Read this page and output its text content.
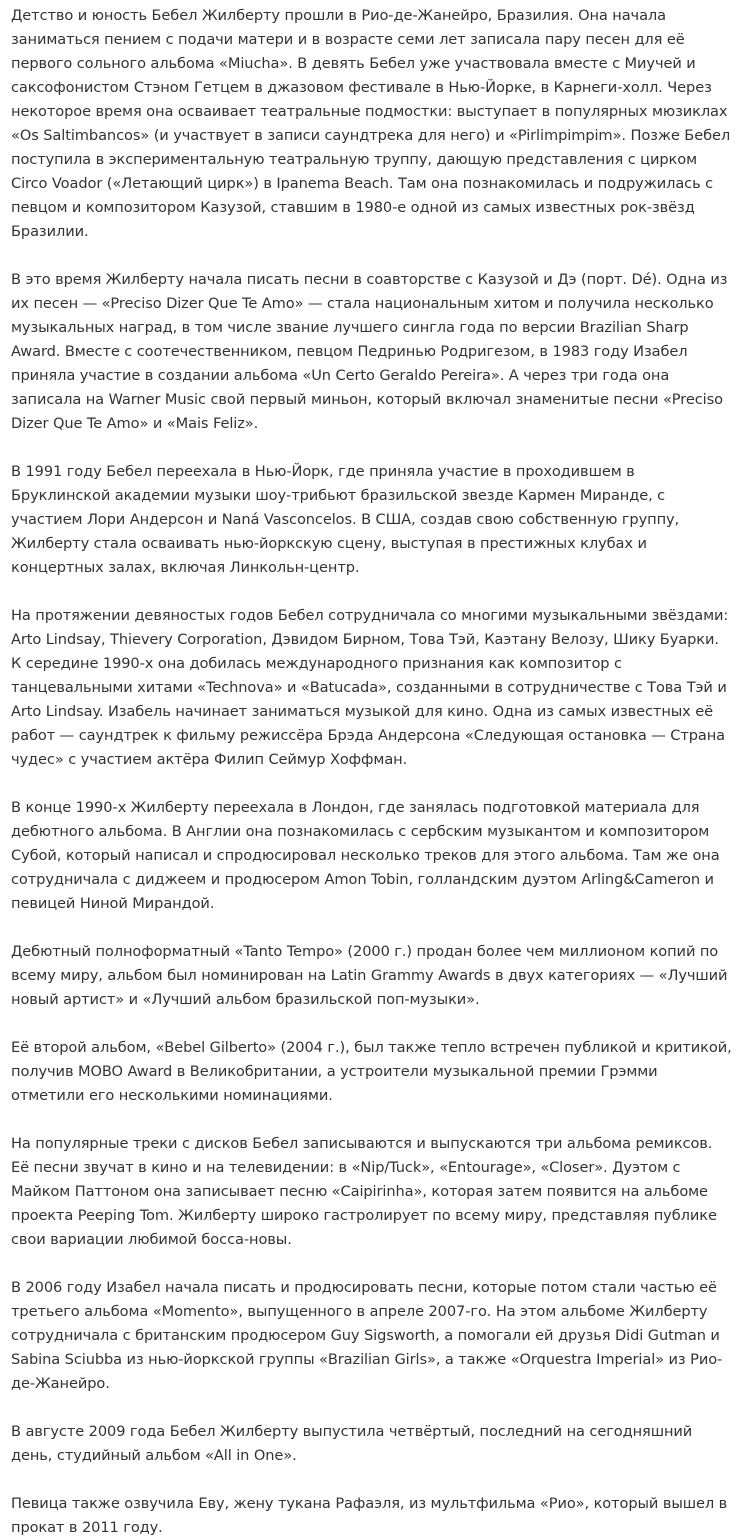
Детство и юность Бебел Жилберту прошли в Рио-де-Жанейро, Бразилия. Она начала заниматься пением с подачи матери и в возрасте семи лет записала пару песен для её первого сольного альбома «Miucha». В девять Бебел уже участвовала вместе с Миучей и саксофонистом Стэном Гетцем в джазовом фестивале в Нью-Йорке, в Карнеги-холл. Через некоторое время она осваивает театральные подмостки: выступает в популярных мюзиклах «Os Saltimbancos» (и участвует в записи саундтрека для него) и «Pirlimpimpim». Позже Бебел поступила в экспериментальную театральную труппу, дающую представления с цирком Circo Voador («Летающий цирк») в Ipanema Beach. Там она познакомилась и подружилась с певцом и композитором Казузой, ставшим в 1980-е одной из самых известных рок-звёзд Бразилии.

В это время Жилберту начала писать песни в соавторстве с Казузой и Дэ (порт. Dé). Одна из их песен — «Preciso Dizer Que Te Amo» — стала национальным хитом и получила несколько музыкальных наград, в том числе звание лучшего сингла года по версии Brazilian Sharp Award. Вместе с соотечественником, певцом Педринью Родригезом, в 1983 году Изабел приняла участие в создании альбома «Un Certo Geraldo Pereira». А через три года она записала на Warner Music свой первый миньон, который включал знаменитые песни «Preciso Dizer Que Te Amo» и «Mais Feliz».

В 1991 году Бебел переехала в Нью-Йорк, где приняла участие в проходившем в Бруклинской академии музыки шоу-трибьют бразильской звезде Кармен Миранде, с участием Лори Андерсон и Naná Vasconcelos. В США, создав свою собственную группу, Жилберту стала осваивать нью-йоркскую сцену, выступая в престижных клубах и концертных залах, включая Линкольн-центр.

На протяжении девяностых годов Бебел сотрудничала со многими музыкальными звёздами: Arto Lindsay, Thievery Corporation, Дэвидом Бирном, Това Тэй, Каэтану Велозу, Шику Буарки. К середине 1990-х она добилась международного признания как композитор с танцевальными хитами «Technova» и «Batucada», созданными в сотрудничестве с Това Тэй и Arto Lindsay. Изабель начинает заниматься музыкой для кино. Одна из самых известных её работ — саундтрек к фильму режиссёра Брэда Андерсона «Следующая остановка — Страна чудес» с участием актёра Филип Сеймур Хоффман.

В конце 1990-х Жилберту переехала в Лондон, где занялась подготовкой материала для дебютного альбома. В Англии она познакомилась с сербским музыкантом и композитором Субой, который написал и спродюсировал несколько треков для этого альбома. Там же она сотрудничала с диджеем и продюсером Amon Tobin, голландским дуэтом Arling&Cameron и певицей Ниной Мирандой.

Дебютный полноформатный «Tanto Tempo» (2000 г.) продан более чем миллионом копий по всему миру, альбом был номинирован на Latin Grammy Awards в двух категориях — «Лучший новый артист» и «Лучший альбом бразильской поп-музыки».

Её второй альбом, «Bebel Gilberto» (2004 г.), был также тепло встречен публикой и критикой, получив MOBO Award в Великобритании, а устроители музыкальной премии Грэмми отметили его несколькими номинациями.

На популярные треки с дисков Бебел записываются и выпускаются три альбома ремиксов. Её песни звучат в кино и на телевидении: в «Nip/Tuck», «Entourage», «Closer». Дуэтом с Майком Паттоном она записывает песню «Caipirinha», которая затем появится на альбоме проекта Peeping Tom. Жилберту широко гастролирует по всему миру, представляя публике свои вариации любимой босса-новы.

В 2006 году Изабел начала писать и продюсировать песни, которые потом стали частью её третьего альбома «Momento», выпущенного в апреле 2007-го. На этом альбоме Жилберту сотрудничала с британским продюсером Guy Sigsworth, а помогали ей друзья Didi Gutman и Sabina Sciubba из нью-йоркской группы «Brazilian Girls», а также «Orquestra Imperial» из Рио-де-Жанейро.

В августе 2009 года Бебел Жилберту выпустила четвёртый, последний на сегодняшний день, студийный альбом «All in One».

Певица также озвучила Еву, жену тукана Рафаэля, из мультфильма «Рио», который вышел в прокат в 2011 году.
